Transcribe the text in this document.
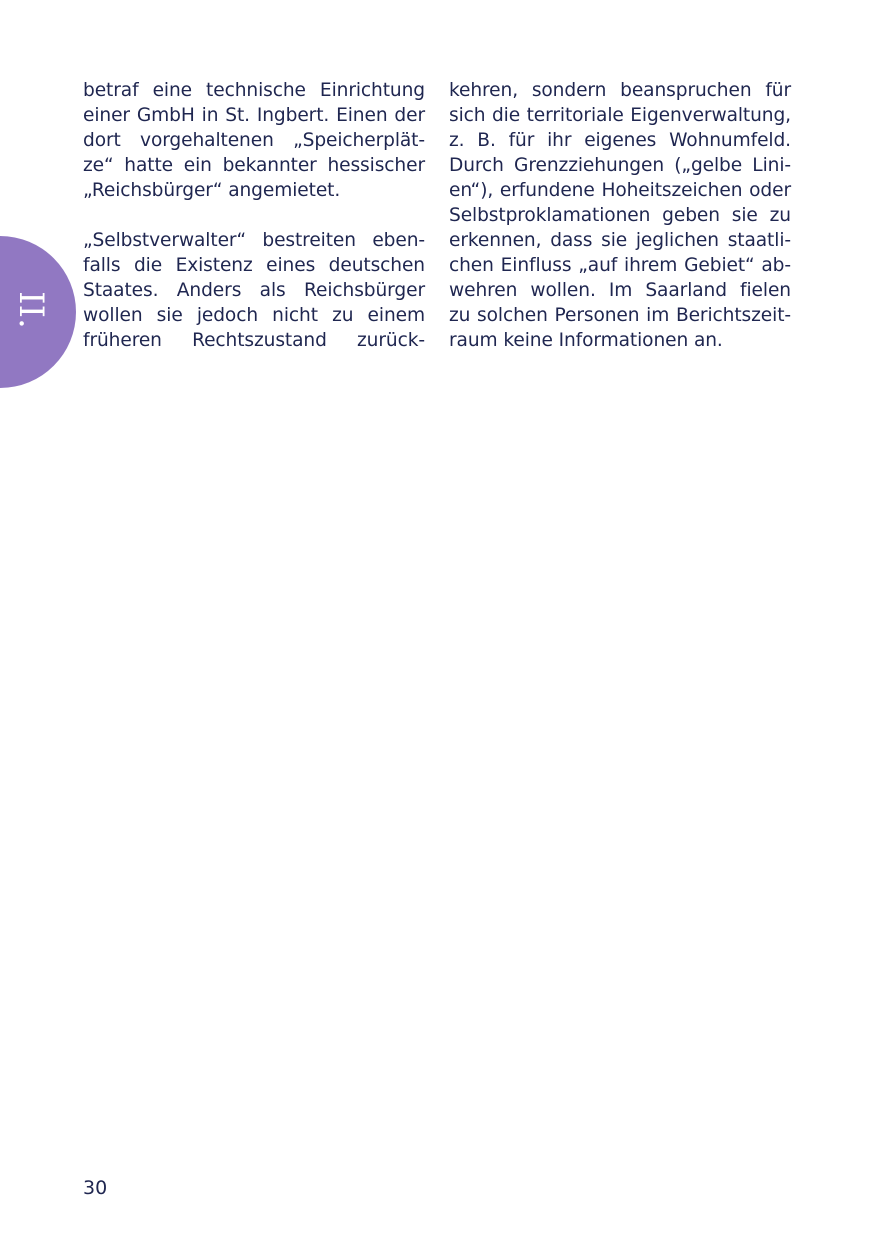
II.
betraf eine technische Einrichtung
einer GmbH in St. Ingbert. Einen der
dort vorgehaltenen „Speicherplät-
ze“ hatte ein bekannter hessischer
„Reichsbürger“ angemietet.
„Selbstverwalter“ bestreiten eben-
falls die Existenz eines deutschen
Staates. Anders als Reichsbürger
wollen sie jedoch nicht zu einem
früheren Rechtszustand zurück-
kehren, sondern beanspruchen für
sich die territoriale Eigenverwaltung,
z. B. für ihr eigenes Wohnumfeld.
Durch Grenzziehungen („gelbe Lini-
en“), erfundene Hoheitszeichen oder
Selbstproklamationen geben sie zu
erkennen, dass sie jeglichen staatli-
chen Einfluss „auf ihrem Gebiet“ ab-
wehren wollen. Im Saarland fielen
zu solchen Personen im Berichtszeit-
raum keine Informationen an.
30
